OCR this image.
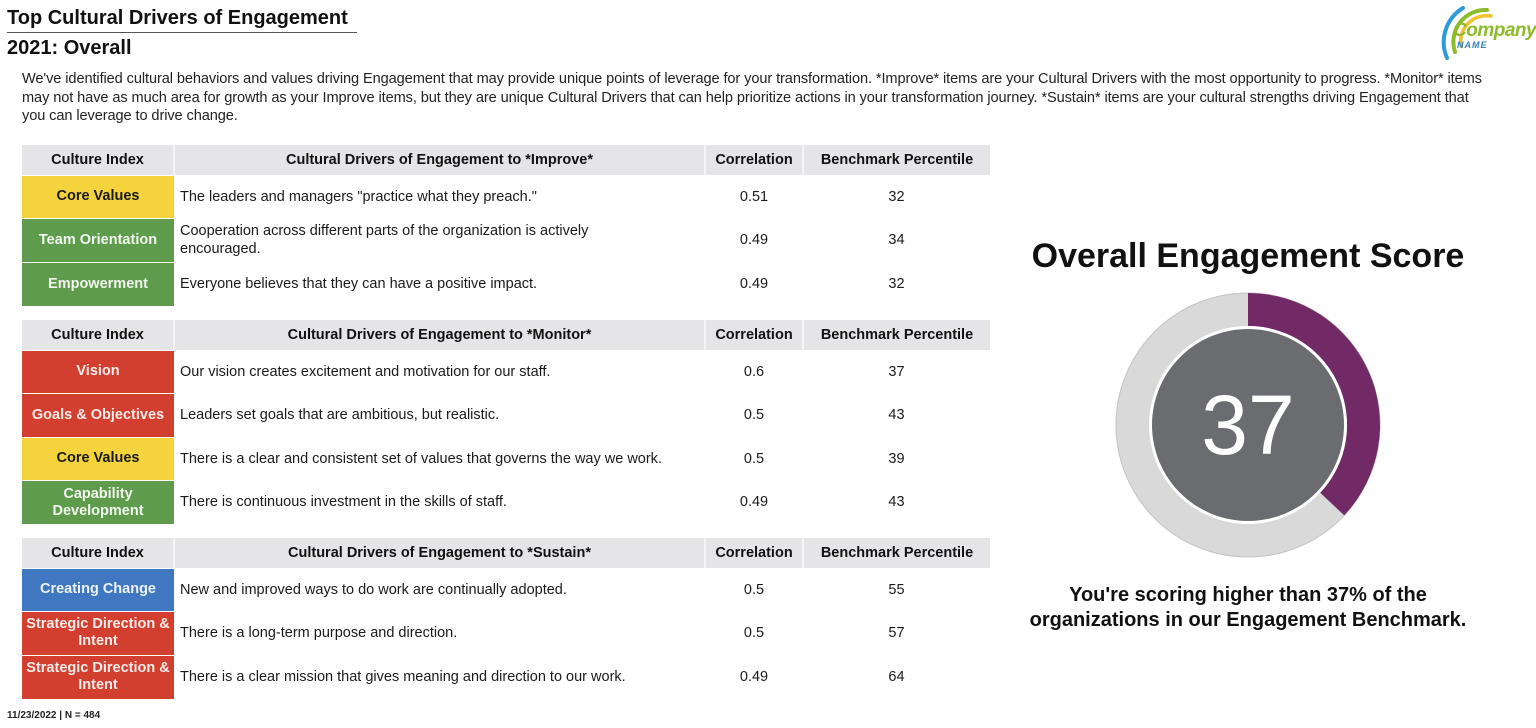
Top Cultural Drivers of Engagement
2021: Overall
Company
NAME
We've identified cultural behaviors and values driving Engagement that may provide unique points of leverage for your transformation. *Improve* items are your Cultural Drivers with the most opportunity to progress. *Monitor* items may not have as much area for growth as your Improve items, but they are unique Cultural Drivers that can help prioritize actions in your transformation journey. *Sustain* items are your cultural strengths driving Engagement that you can leverage to drive change.
Culture Index	Cultural Drivers of Engagement to *Improve*	Correlation	Benchmark Percentile
Core Values	The leaders and managers "practice what they preach."	0.51	32
Team Orientation	Cooperation across different parts of the organization is actively encouraged.	0.49	34
Empowerment	Everyone believes that they can have a positive impact.	0.49	32
Culture Index	Cultural Drivers of Engagement to *Monitor*	Correlation	Benchmark Percentile
Vision	Our vision creates excitement and motivation for our staff.	0.6	37
Goals & Objectives	Leaders set goals that are ambitious, but realistic.	0.5	43
Core Values	There is a clear and consistent set of values that governs the way we work.	0.5	39
Capability Development	There is continuous investment in the skills of staff.	0.49	43
Culture Index	Cultural Drivers of Engagement to *Sustain*	Correlation	Benchmark Percentile
Creating Change	New and improved ways to do work are continually adopted.	0.5	55
Strategic Direction & Intent	There is a long-term purpose and direction.	0.5	57
Strategic Direction & Intent	There is a clear mission that gives meaning and direction to our work.	0.49	64
Overall Engagement Score
37
You're scoring higher than 37% of the
organizations in our Engagement Benchmark.
11/23/2022 | N = 484
